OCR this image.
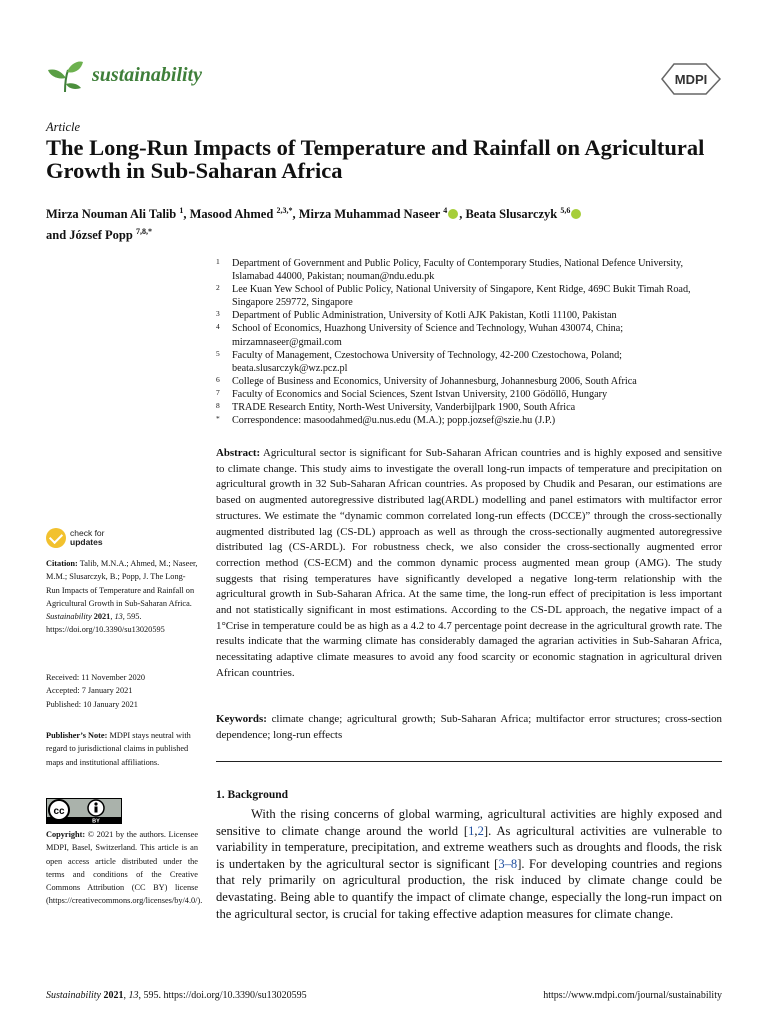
sustainability	MDPI
Article
The Long-Run Impacts of Temperature and Rainfall on Agricultural Growth in Sub-Saharan Africa
Mirza Nouman Ali Talib $^1$, Masood Ahmed $^{2,3,*}$, Mirza Muhammad Naseer $^4$ , Beata Slusarczyk $^{5,6}$
and József Popp $^{7,8,*}$
1	Department of Government and Public Policy, Faculty of Contemporary Studies, National Defence University, Islamabad 44000, Pakistan; nouman@ndu.edu.pk
2	Lee Kuan Yew School of Public Policy, National University of Singapore, Kent Ridge, 469C Bukit Timah Road, Singapore 259772, Singapore
3	Department of Public Administration, University of Kotli AJK Pakistan, Kotli 11100, Pakistan
4	School of Economics, Huazhong University of Science and Technology, Wuhan 430074, China; mirzamnaseer@gmail.com
5	Faculty of Management, Czestochowa University of Technology, 42-200 Czestochowa, Poland; beata.slusarczyk@wz.pcz.pl
6	College of Business and Economics, University of Johannesburg, Johannesburg 2006, South Africa
7	Faculty of Economics and Social Sciences, Szent Istvan University, 2100 Gödöllő, Hungary
8	TRADE Research Entity, North-West University, Vanderbijlpark 1900, South Africa
*	Correspondence: masoodahmed@u.nus.edu (M.A.); popp.jozsef@szie.hu (J.P.)
Abstract: Agricultural sector is significant for Sub-Saharan African countries and is highly exposed and sensitive to climate change. This study aims to investigate the overall long-run impacts of temperature and precipitation on agricultural growth in 32 Sub-Saharan African countries. As proposed by Chudik and Pesaran, our estimations are based on augmented autoregressive distributed lag(ARDL) modelling and panel estimators with multifactor error structures. We estimate the “dynamic common correlated long-run effects (DCCE)” through the cross-sectionally augmented distributed lag (CS-DL) approach as well as through the cross-sectionally augmented autoregressive distributed lag (CS-ARDL). For robustness check, we also consider the cross-sectionally augmented error correction method (CS-ECM) and the common dynamic process augmented mean group (AMG). The study suggests that rising temperatures have significantly developed a negative long-term relationship with the agricultural growth in Sub-Saharan Africa. At the same time, the long-run effect of precipitation is less important and not statistically significant in most estimations. According to the CS-DL approach, the negative impact of a 1°Crise in temperature could be as high as a 4.2 to 4.7 percentage point decrease in the agricultural growth rate. The results indicate that the warming climate has considerably damaged the agrarian activities in Sub-Saharan Africa, necessitating adaptive climate measures to avoid any food scarcity or economic stagnation in agricultural driven African countries.
Keywords: climate change; agricultural growth; Sub-Saharan Africa; multifactor error structures; cross-section dependence; long-run effects
1. Background

With the rising concerns of global warming, agricultural activities are highly exposed and sensitive to climate change around the world [1,2]. As agricultural activities are vulnerable to variability in temperature, precipitation, and extreme weathers such as droughts and floods, the risk is undertaken by the agricultural sector is significant [3–8]. For developing countries and regions that rely primarily on agricultural production, the risk induced by climate change could be devastating. Being able to quantify the impact of climate change, especially the long-run impact on the agricultural sector, is crucial for taking effective adaption measures for climate change.

check for
updates
Citation: Talib, M.N.A.; Ahmed, M.; Naseer, M.M.; Slusarczyk, B.; Popp, J. The Long-Run Impacts of Temperature and Rainfall on Agricultural Growth in Sub-Saharan Africa. Sustainability 2021, 13, 595. https://doi.org/10.3390/su13020595
Received: 11 November 2020
Accepted: 7 January 2021
Published: 10 January 2021
Publisher’s Note: MDPI stays neutral with regard to jurisdictional claims in published maps and institutional affiliations.
cc
BY
Copyright: © 2021 by the authors. Licensee MDPI, Basel, Switzerland. This article is an open access article distributed under the terms and conditions of the Creative Commons Attribution (CC BY) license (https://creativecommons.org/licenses/by/4.0/).
Sustainability 2021, 13, 595. https://doi.org/10.3390/su13020595	https://www.mdpi.com/journal/sustainability
